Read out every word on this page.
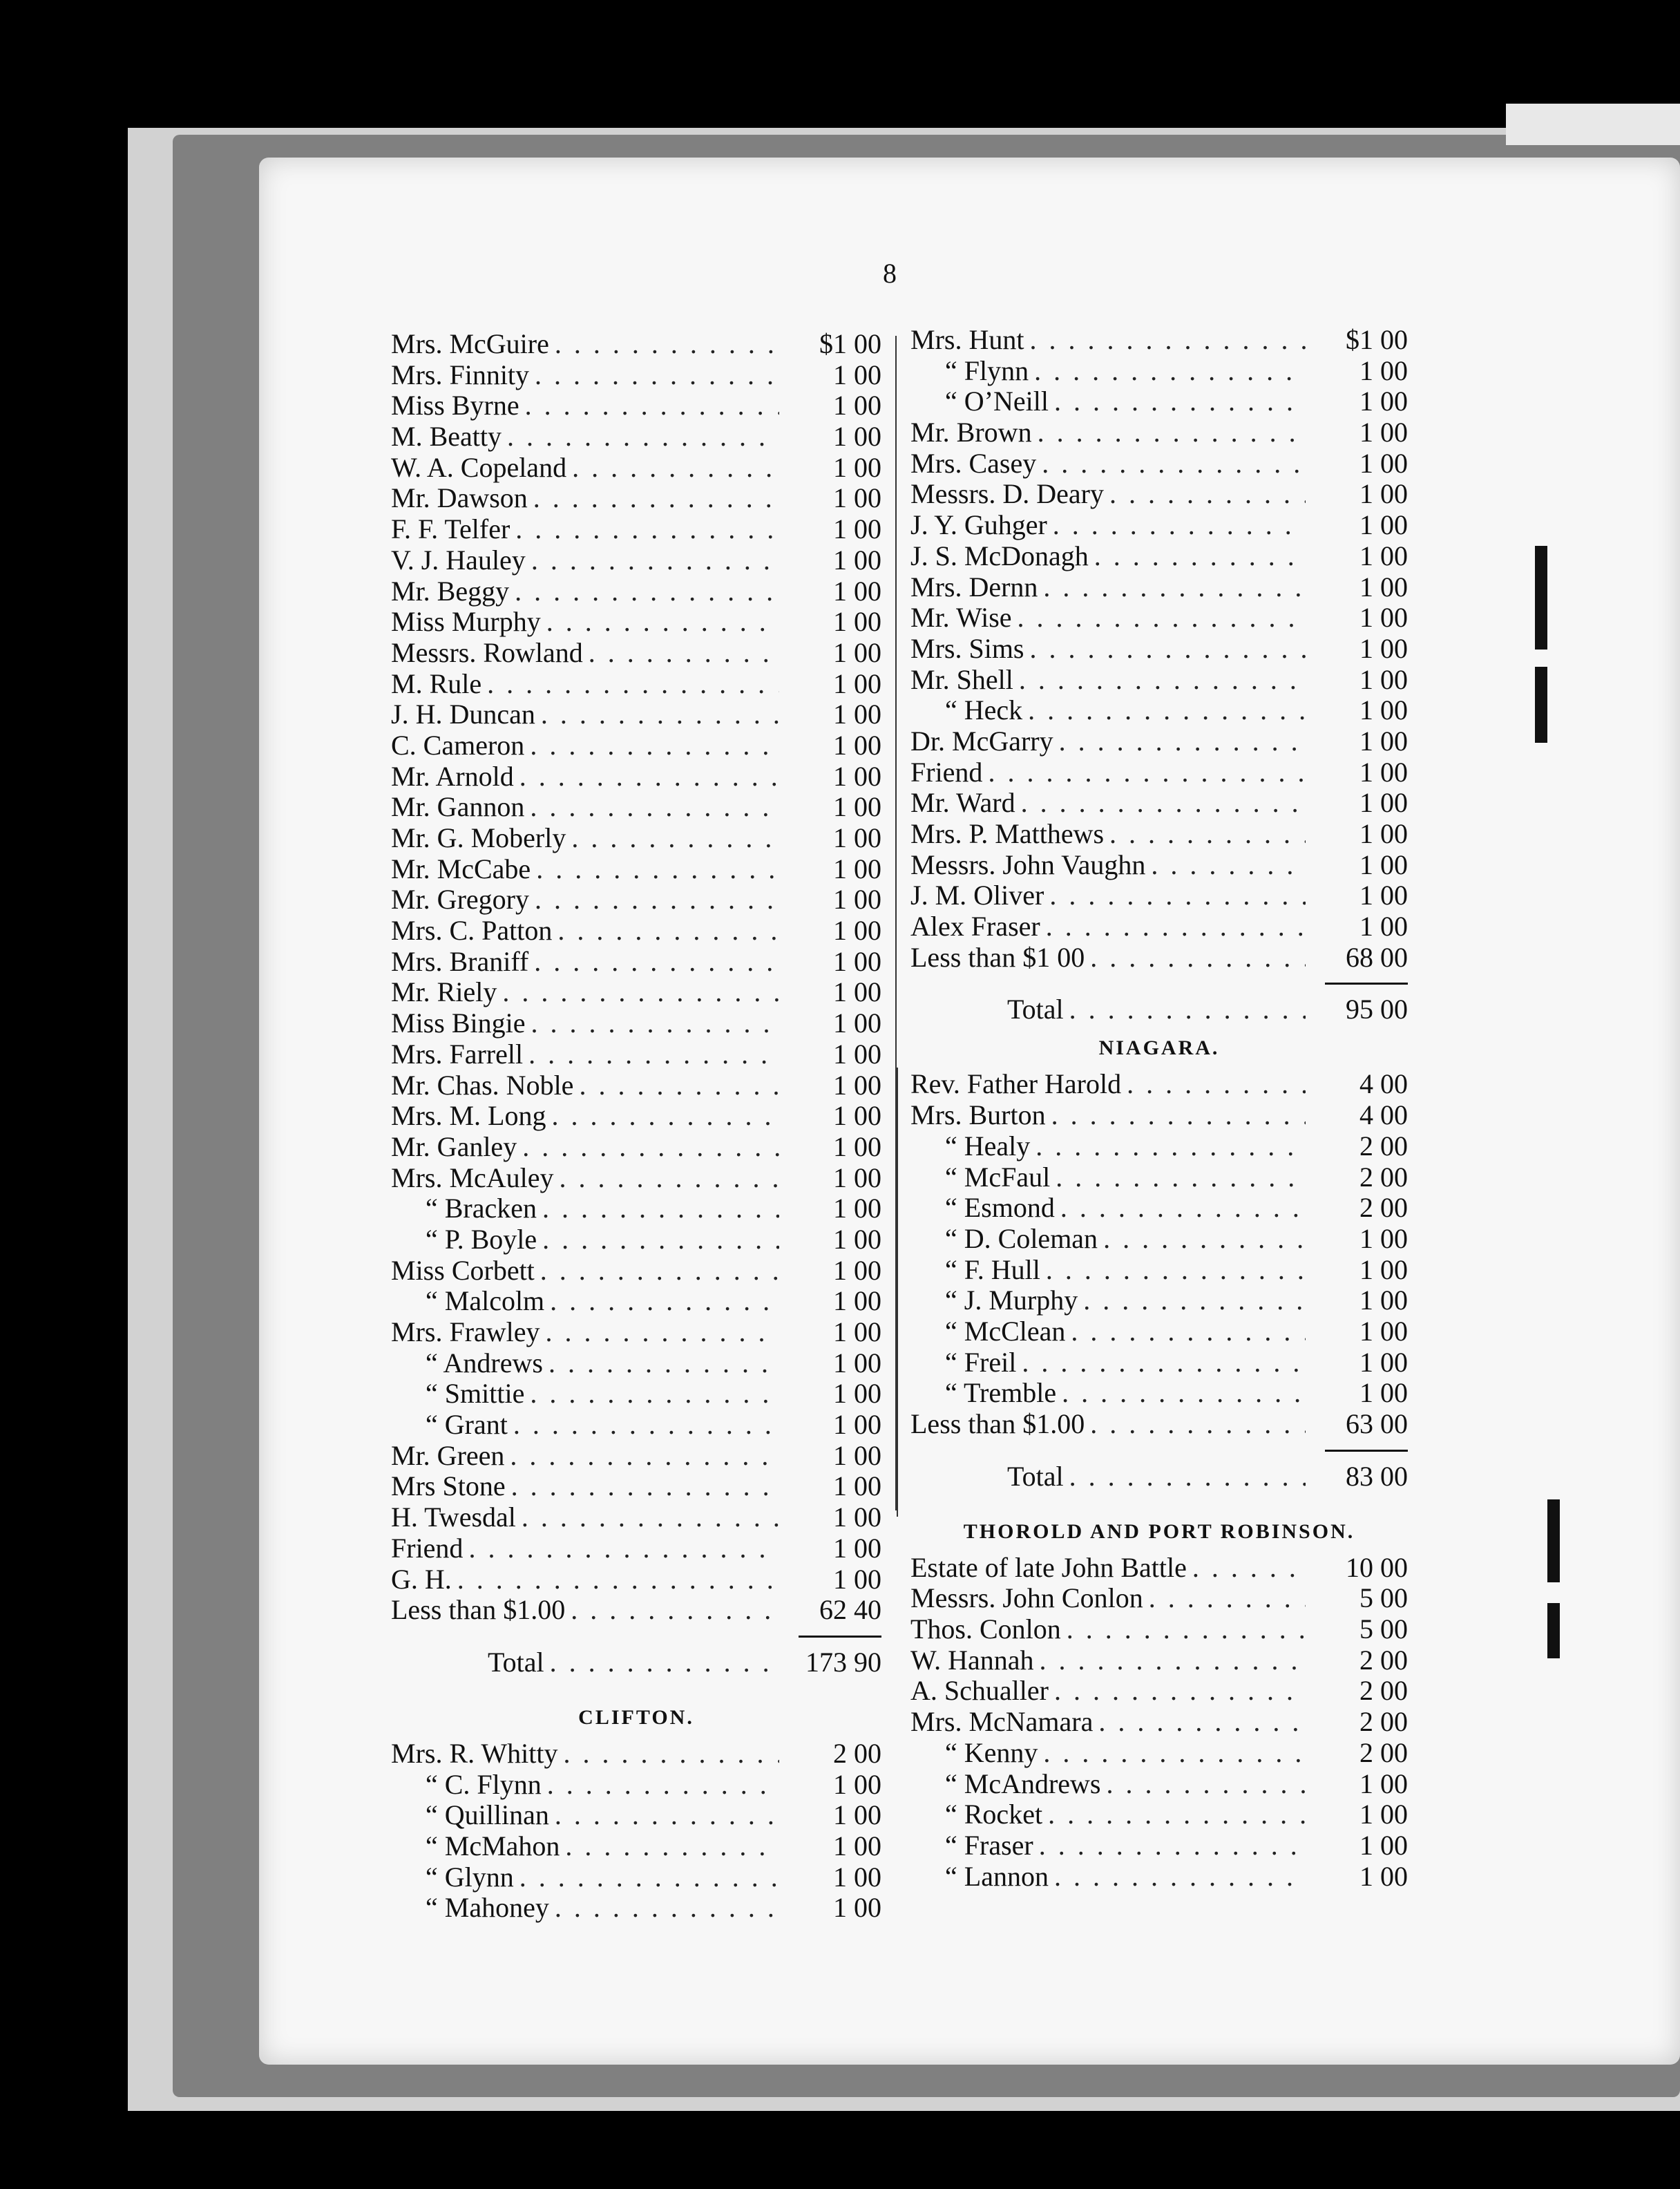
8
Mrs. McGuire . . .	$1 00
Mrs. Finnity . . .	1 00
Miss Byrne . . .	1 00
M. Beatty . . .	1 00
W. A. Copeland . . .	1 00
Mr. Dawson . . .	1 00
F. F. Telfer . . .	1 00
V. J. Hauley . . .	1 00
Mr. Beggy . . .	1 00
Miss Murphy . . .	1 00
Messrs. Rowland . . .	1 00
M. Rule . . .	1 00
J. H. Duncan . . .	1 00
C. Cameron . . .	1 00
Mr. Arnold . . .	1 00
Mr. Gannon . . .	1 00
Mr. G. Moberly . . .	1 00
Mr. McCabe . . .	1 00
Mr. Gregory . . .	1 00
Mrs. C. Patton . . .	1 00
Mrs. Braniff . . .	1 00
Mr. Riely . . .	1 00
Miss Bingie . . .	1 00
Mrs. Farrell . . .	1 00
Mr. Chas. Noble . . .	1 00
Mrs. M. Long . . .	1 00
Mr. Ganley . . .	1 00
Mrs. McAuley . . .	1 00
“ Bracken . . .	1 00
“ P. Boyle . . .	1 00
Miss Corbett . . .	1 00
“ Malcolm . . .	1 00
Mrs. Frawley . . .	1 00
“ Andrews . . .	1 00
“ Smittie . . .	1 00
“ Grant . . .	1 00
Mr. Green . . .	1 00
Mrs Stone . . .	1 00
H. Twesdal . . .	1 00
Friend . . .	1 00
G. H. . . .	1 00
Less than $1.00 . . .	62 40
Total . . .	173 90
CLIFTON.
Mrs. R. Whitty . . .	2 00
“ C. Flynn . . .	1 00
“ Quillinan . . .	1 00
“ McMahon . . .	1 00
“ Glynn . . .	1 00
“ Mahoney . . .	1 00
Mrs. Hunt . . .	$1 00
“ Flynn . . .	1 00
“ O’Neill . . .	1 00
Mr. Brown . . .	1 00
Mrs. Casey . . .	1 00
Messrs. D. Deary . . .	1 00
J. Y. Guhger . . .	1 00
J. S. McDonagh . . .	1 00
Mrs. Dernn . . .	1 00
Mr. Wise . . .	1 00
Mrs. Sims . . .	1 00
Mr. Shell . . .	1 00
“ Heck . . .	1 00
Dr. McGarry . . .	1 00
Friend . . .	1 00
Mr. Ward . . .	1 00
Mrs. P. Matthews . . .	1 00
Messrs. John Vaughn . . .	1 00
J. M. Oliver . . .	1 00
Alex Fraser . . .	1 00
Less than $1 00 . . .	68 00
Total . . .	95 00
NIAGARA.
Rev. Father Harold . . .	4 00
Mrs. Burton . . .	4 00
“ Healy . . .	2 00
“ McFaul . . .	2 00
“ Esmond . . .	2 00
“ D. Coleman . . .	1 00
“ F. Hull . . .	1 00
“ J. Murphy . . .	1 00
“ McClean . . .	1 00
“ Freil . . .	1 00
“ Tremble . . .	1 00
Less than $1.00 . . .	63 00
Total . . .	83 00
THOROLD AND PORT ROBINSON.
Estate of late John Battle . . .	10 00
Messrs. John Conlon . . .	5 00
Thos. Conlon . . .	5 00
W. Hannah . . .	2 00
A. Schualler . . .	2 00
Mrs. McNamara . . .	2 00
“ Kenny . . .	2 00
“ McAndrews . . .	1 00
“ Rocket . . .	1 00
“ Fraser . . .	1 00
“ Lannon . . .	1 00
